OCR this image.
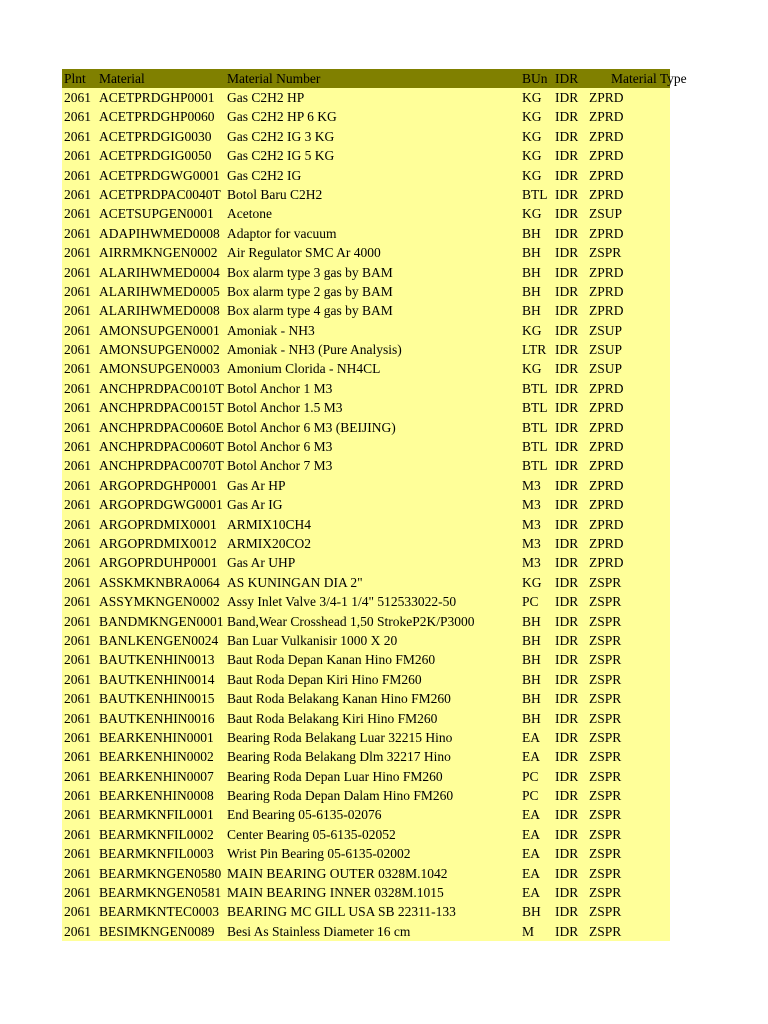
Plnt Material	Material Number	BUn IDR Material Type
2061 ACETPRDGHP0001 Gas C2H2 HP	KG	IDR ZPRD
2061 ACETPRDGHP0060 Gas C2H2 HP 6 KG	KG	IDR ZPRD
2061 ACETPRDGIG0030	Gas C2H2 IG 3 KG	KG	IDR ZPRD
2061 ACETPRDGIG0050	Gas C2H2 IG 5 KG	KG	IDR ZPRD
2061 ACETPRDGWG0001 Gas C2H2 IG	KG	IDR ZPRD
2061 ACETPRDPAC0040T Botol Baru C2H2	BTL IDR ZPRD
2061 ACETSUPGEN0001 Acetone	KG	IDR ZSUP
2061 ADAPIHWMED0008 Adaptor for vacuum	BH	IDR ZPRD
2061 AIRRMKNGEN0002 Air Regulator SMC Ar 4000	BH	IDR ZSPR
2061 ALARIHWMED0004 Box alarm type 3 gas by BAM	BH	IDR ZPRD
2061 ALARIHWMED0005 Box alarm type 2 gas by BAM	BH	IDR ZPRD
2061 ALARIHWMED0008 Box alarm type 4 gas by BAM	BH	IDR ZPRD
2061 AMONSUPGEN0001 Amoniak - NH3	KG	IDR ZSUP
2061 AMONSUPGEN0002 Amoniak - NH3 (Pure Analysis)	LTR IDR ZSUP
2061 AMONSUPGEN0003 Amonium Clorida - NH4CL	KG	IDR ZSUP
2061 ANCHPRDPAC0010T Botol Anchor 1 M3	BTL IDR ZPRD
2061 ANCHPRDPAC0015T Botol Anchor 1.5 M3	BTL IDR ZPRD
2061 ANCHPRDPAC0060E Botol Anchor 6 M3 (BEIJING)	BTL IDR ZPRD
2061 ANCHPRDPAC0060T Botol Anchor 6 M3	BTL IDR ZPRD
2061 ANCHPRDPAC0070T Botol Anchor 7 M3	BTL IDR ZPRD
2061 ARGOPRDGHP0001 Gas Ar HP	M3	IDR ZPRD
2061 ARGOPRDGWG0001 Gas Ar IG	M3	IDR ZPRD
2061 ARGOPRDMIX0001 ARMIX10CH4	M3	IDR ZPRD
2061 ARGOPRDMIX0012 ARMIX20CO2	M3	IDR ZPRD
2061 ARGOPRDUHP0001 Gas Ar UHP	M3	IDR ZPRD
2061 ASSKMKNBRA0064 AS KUNINGAN DIA 2"	KG	IDR ZSPR
2061 ASSYMKNGEN0002 Assy Inlet Valve 3/4-1 1/4" 512533022-50	PC	IDR ZSPR
2061 BANDMKNGEN0001 Band,Wear Crosshead 1,50 StrokeP2K/P3000	BH	IDR ZSPR
2061 BANLKENGEN0024 Ban Luar Vulkanisir 1000 X 20	BH	IDR ZSPR
2061 BAUTKENHIN0013 Baut Roda Depan Kanan Hino FM260	BH	IDR ZSPR
2061 BAUTKENHIN0014 Baut Roda Depan Kiri Hino FM260	BH	IDR ZSPR
2061 BAUTKENHIN0015 Baut Roda Belakang Kanan Hino FM260	BH	IDR ZSPR
2061 BAUTKENHIN0016 Baut Roda Belakang Kiri Hino FM260	BH	IDR ZSPR
2061 BEARKENHIN0001 Bearing Roda Belakang Luar 32215 Hino	EA	IDR ZSPR
2061 BEARKENHIN0002 Bearing Roda Belakang Dlm 32217 Hino	EA	IDR ZSPR
2061 BEARKENHIN0007 Bearing Roda Depan Luar Hino FM260	PC	IDR ZSPR
2061 BEARKENHIN0008 Bearing Roda Depan Dalam Hino FM260	PC	IDR ZSPR
2061 BEARMKNFIL0001 End Bearing 05-6135-02076	EA	IDR ZSPR
2061 BEARMKNFIL0002 Center Bearing 05-6135-02052	EA	IDR ZSPR
2061 BEARMKNFIL0003 Wrist Pin Bearing 05-6135-02002	EA	IDR ZSPR
2061 BEARMKNGEN0580 MAIN BEARING OUTER 0328M.1042	EA	IDR ZSPR
2061 BEARMKNGEN0581 MAIN BEARING INNER 0328M.1015	EA	IDR ZSPR
2061 BEARMKNTEC0003 BEARING MC GILL USA SB 22311-133	BH	IDR ZSPR
2061 BESIMKNGEN0089 Besi As Stainless Diameter 16 cm	M	IDR ZSPR
